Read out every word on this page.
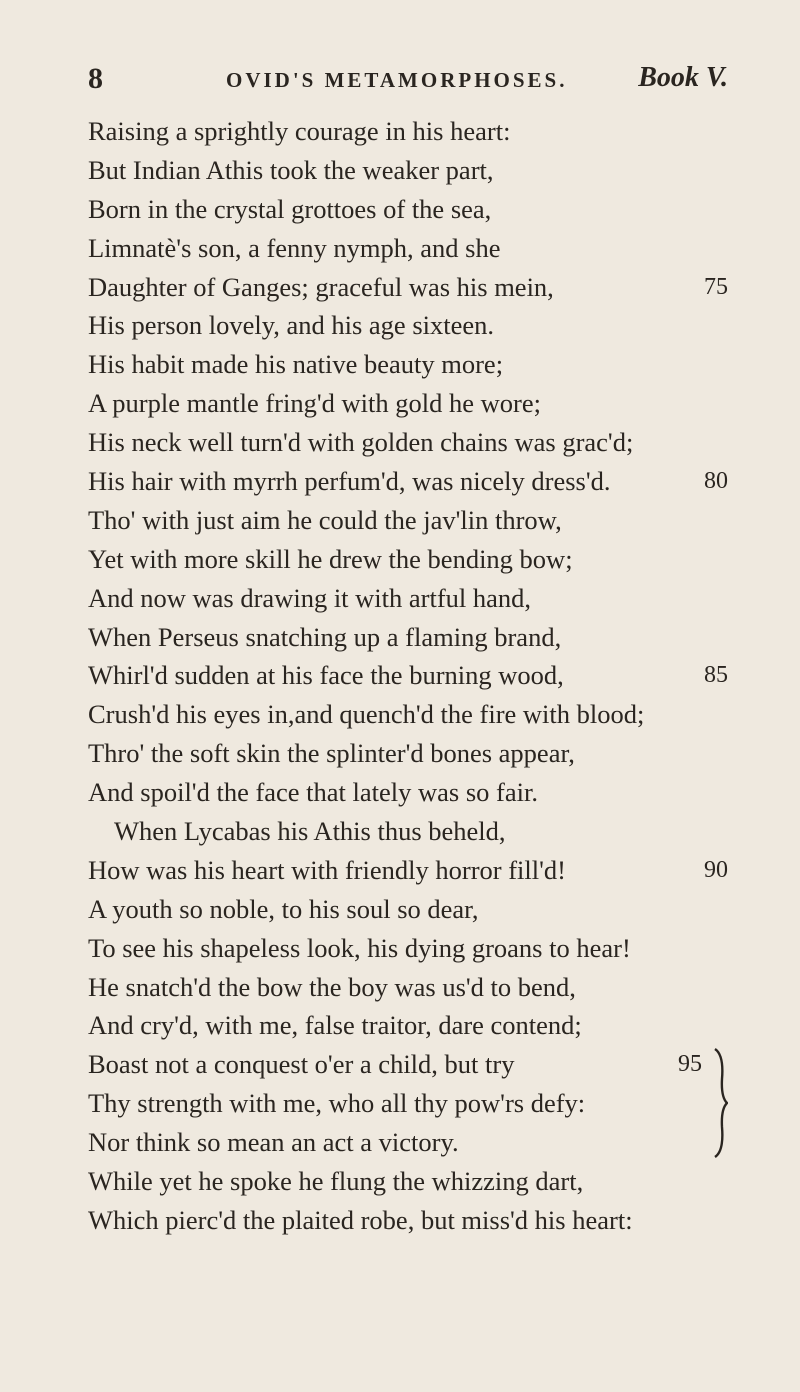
8	OVID'S METAMORPHOSES.	Book V.
Raising a sprightly courage in his heart:
But Indian Athis took the weaker part,
Born in the crystal grottoes of the sea,
Limnatè's son, a fenny nymph, and she
Daughter of Ganges; graceful was his mein,	75
His person lovely, and his age sixteen.
His habit made his native beauty more;
A purple mantle fring'd with gold he wore;
His neck well turn'd with golden chains was grac'd;
His hair with myrrh perfum'd, was nicely dress'd.	80
Tho' with just aim he could the jav'lin throw,
Yet with more skill he drew the bending bow;
And now was drawing it with artful hand,
When Perseus snatching up a flaming brand,
Whirl'd sudden at his face the burning wood,	85
Crush'd his eyes in,and quench'd the fire with blood;
Thro' the soft skin the splinter'd bones appear,
And spoil'd the face that lately was so fair.
When Lycabas his Athis thus beheld,
How was his heart with friendly horror fill'd!	90
A youth so noble, to his soul so dear,
To see his shapeless look, his dying groans to hear!
He snatch'd the bow the boy was us'd to bend,
And cry'd, with me, false traitor, dare contend;
Boast not a conquest o'er a child, but try	95
Thy strength with me, who all thy pow'rs defy:
Nor think so mean an act a victory.
While yet he spoke he flung the whizzing dart,
Which pierc'd the plaited robe, but miss'd his heart:
